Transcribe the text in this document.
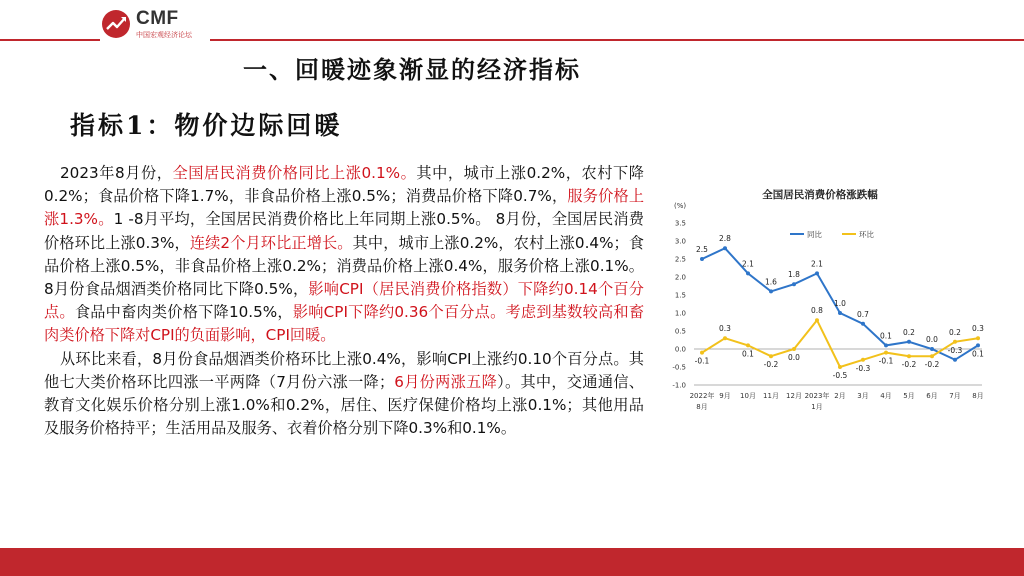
CMF
中国宏观经济论坛
一、回暖迹象渐显的经济指标
指标1：物价边际回暖

2023年8月份，全国居民消费价格同比上涨0.1%。其中，城市上涨0.2%，农村下降0.2%；食品价格下降1.7%，非食品价格上涨0.5%；消费品价格下降0.7%，服务价格上涨1.3%。1 -8月平均，全国居民消费价格比上年同期上涨0.5%。 8月份，全国居民消费价格环比上涨0.3%，连续2个月环比正增长。其中，城市上涨0.2%，农村上涨0.4%；食品价格上涨0.5%，非食品价格上涨0.2%；消费品价格上涨0.4%，服务价格上涨0.1%。8月份食品烟酒类价格同比下降0.5%，影响CPI（居民消费价格指数）下降约0.14个百分点。食品中畜肉类价格下降10.5%，影响CPI下降约0.36个百分点。考虑到基数较高和畜肉类价格下降对CPI的负面影响，CPI回暖。

从环比来看，8月份食品烟酒类价格环比上涨0.4%，影响CPI上涨约0.10个百分点。其他七大类价格环比四涨一平两降（7月份六涨一降；6月份两涨五降）。其中，交通通信、教育文化娱乐价格分别上涨1.0%和0.2%，居住、医疗保健价格均上涨0.1%；其他用品及服务价格持平；生活用品及服务、衣着价格分别下降0.3%和0.1%。

全国居民消费价格涨跌幅
(%)
3.5
3.0
2.5
2.0
1.5
1.0
0.5
0.0
-0.5
-1.0
2022年
8月
9月 10月 11月 12月 2023年
1月
2月 3月 4月 5月 6月 7月 8月
同比	环比
2.5
2.8
2.1
1.6
1.8
2.1
1.0
0.7
0.1 0.2
0.0
-0.3 0.1
-0.1
0.3
0.1
-0.2
0.0
0.8
-0.5
-0.3
-0.1 -0.2 -0.2
0.2 0.3
